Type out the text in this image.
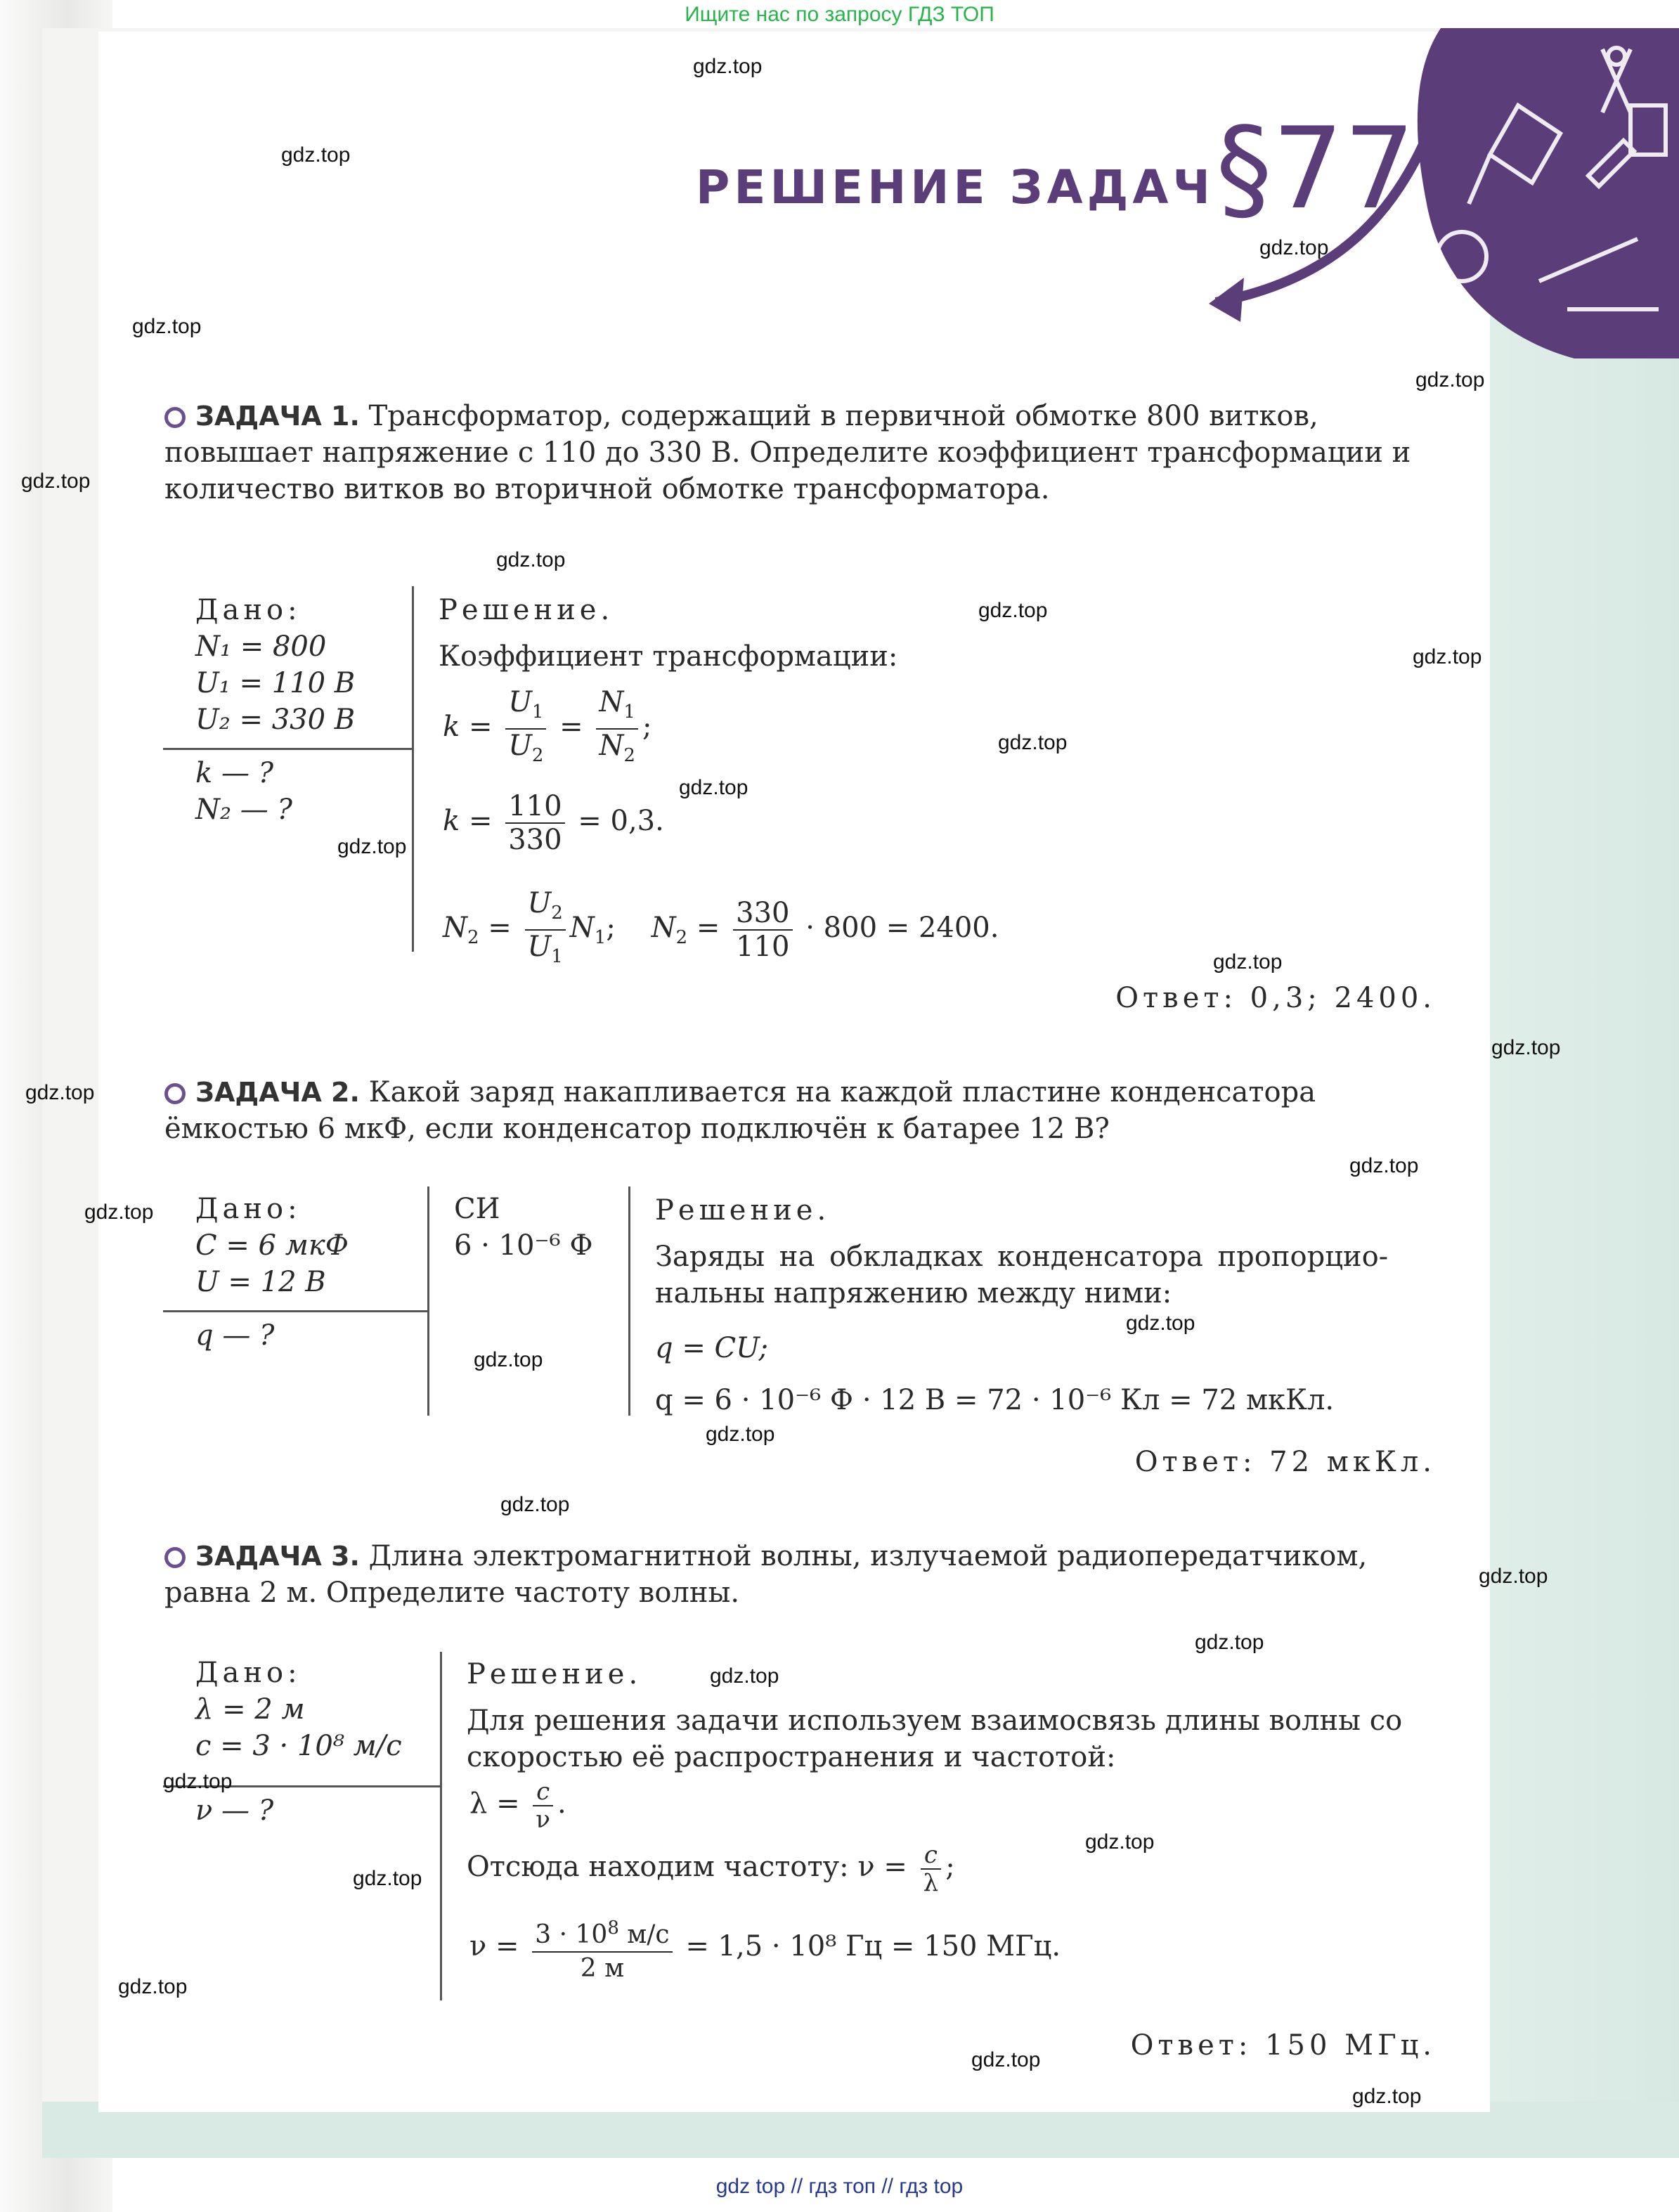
Ищите нас по запросу ГДЗ ТОП
РЕШЕНИЕ ЗАДАЧ §77
ЗАДАЧА 1. Трансформатор, содержащий в первичной обмотке 800 витков, повышает напряжение с 110 до 330 В. Определите коэффициент трансформации и количество витков во вторичной обмотке трансформатора.
Дано:
N₁ = 800
U₁ = 110 В
U₂ = 330 В
k — ?
N₂ — ?
Решение.
Коэффициент трансформации:
$k = \frac{U_1}{U_2} = \frac{N_1}{N_2}$ ;
$k = \frac{110}{330} = 0,3$.
$N_2 = \frac{U_2}{U_1} N_1$;    $N_2 = \frac{330}{110} \cdot 800 = 2400$.
Ответ: 0,3; 2400.
ЗАДАЧА 2. Какой заряд накапливается на каждой пластине конденсатора ёмкостью 6 мкФ, если конденсатор подключён к батарее 12 В?
Дано:
C = 6 мкФ
U = 12 В
q — ?
СИ
6 · 10⁻⁶ Ф
Решение.
Заряды на обкладках конденсатора пропорцио-
нальны напряжению между ними:
q = CU;
q = 6 · 10⁻⁶ Ф · 12 В = 72 · 10⁻⁶ Кл = 72 мкКл.
Ответ: 72 мкКл.
ЗАДАЧА 3. Длина электромагнитной волны, излучаемой радиопередатчиком, равна 2 м. Определите частоту волны.
Дано:
λ = 2 м
c = 3 · 10⁸ м/с
ν — ?
Решение.
Для решения задачи используем взаимосвязь длины волны со
скоростью её распространения и частотой:
$\lambda = \frac{c}{\nu}$ .
Отсюда находим частоту: $\nu = \frac{c}{\lambda}$ ;
$\nu = \frac{3 \cdot 10^8 м/с}{2 м} = 1,5 \cdot 10^8$ Гц = 150 МГц.
Ответ: 150 МГц.
gdz.top
gdz.top
gdz.top
gdz.top
gdz.top
gdz.top
gdz.top
gdz.top
gdz.top
gdz.top
gdz.top
gdz.top
gdz.top
gdz.top
gdz.top
gdz.top
gdz.top
gdz.top
gdz.top
gdz.top
gdz.top
gdz.top
gdz.top
gdz.top
gdz.top
gdz.top
gdz.top
gdz.top
gdz.top
gdz.top
gdz top // гдз топ // гдз top
